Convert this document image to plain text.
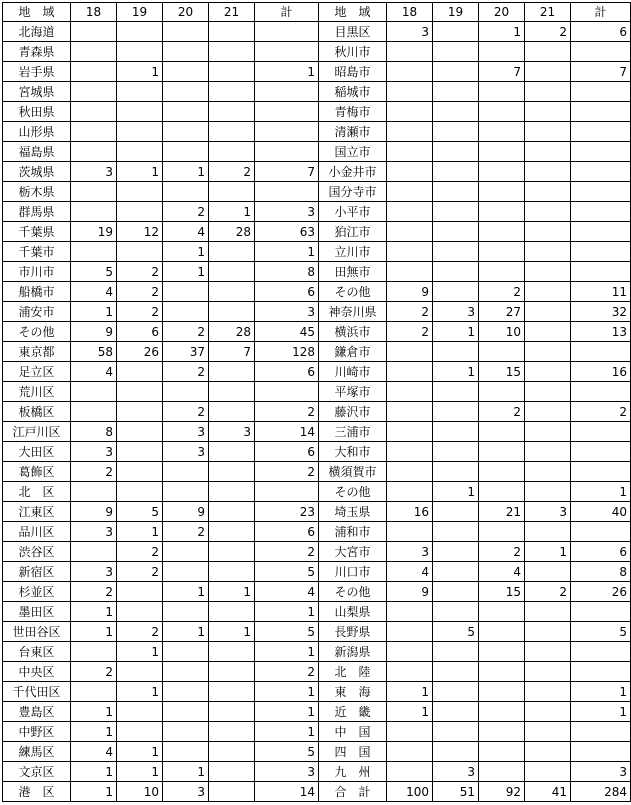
地　域	18	19	20	21	計	地　域	18	19	20	21	計
北海道						目黒区	3		1	2	6
青森県						秋川市					
岩手県		1			1	昭島市			7		7
宮城県						稲城市					
秋田県						青梅市					
山形県						清瀬市					
福島県						国立市					
茨城県	3	1	1	2	7	小金井市					
栃木県						国分寺市					
群馬県			2	1	3	小平市					
千葉県	19	12	4	28	63	狛江市					
千葉市			1		1	立川市					
市川市	5	2	1		8	田無市					
船橋市	4	2			6	その他	9		2		11
浦安市	1	2			3	神奈川県	2	3	27		32
その他	9	6	2	28	45	横浜市	2	1	10		13
東京都	58	26	37	7	128	鎌倉市					
足立区	4		2		6	川崎市		1	15		16
荒川区						平塚市					
板橋区			2		2	藤沢市			2		2
江戸川区	8		3	3	14	三浦市					
大田区	3		3		6	大和市					
葛飾区	2				2	横須賀市					
北　区						その他		1			1
江東区	9	5	9		23	埼玉県	16		21	3	40
品川区	3	1	2		6	浦和市					
渋谷区		2			2	大宮市	3		2	1	6
新宿区	3	2			5	川口市	4		4		8
杉並区	2		1	1	4	その他	9		15	2	26
墨田区	1				1	山梨県					
世田谷区	1	2	1	1	5	長野県		5			5
台東区		1			1	新潟県					
中央区	2				2	北　陸					
千代田区		1			1	東　海	1				1
豊島区	1				1	近　畿	1				1
中野区	1				1	中　国					
練馬区	4	1			5	四　国					
文京区	1	1	1		3	九　州		3			3
港　区	1	10	3		14	合　計	100	51	92	41	284
